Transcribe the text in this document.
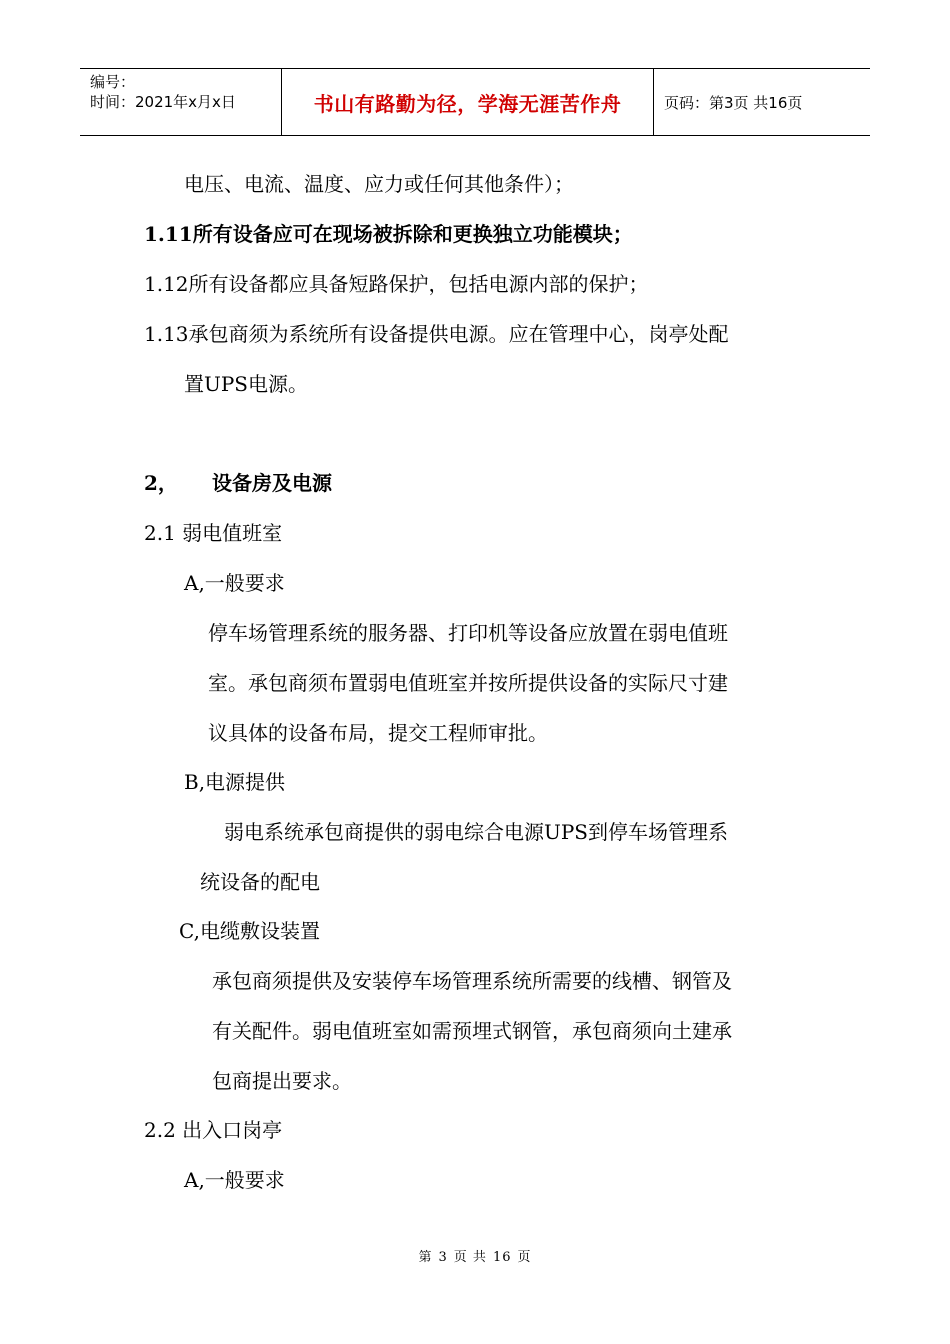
编号：
时间：2021年x月x日	书山有路勤为径，学海无涯苦作舟	页码：第3页 共16页
电压、电流、温度、应力或任何其他条件）；
1.11所有设备应可在现场被拆除和更换独立功能模块；
1.12所有设备都应具备短路保护，包括电源内部的保护；
1.13承包商须为系统所有设备提供电源。应在管理中心，岗亭处配
置UPS电源。
2， 设备房及电源
2.1 弱电值班室
A,一般要求
停车场管理系统的服务器、打印机等设备应放置在弱电值班
室。承包商须布置弱电值班室并按所提供设备的实际尺寸建
议具体的设备布局，提交工程师审批。
B,电源提供
弱电系统承包商提供的弱电综合电源UPS到停车场管理系
统设备的配电
C,电缆敷设装置
承包商须提供及安装停车场管理系统所需要的线槽、钢管及
有关配件。弱电值班室如需预埋式钢管，承包商须向土建承
包商提出要求。
2.2 出入口岗亭
A,一般要求
第 3 页 共 16 页
